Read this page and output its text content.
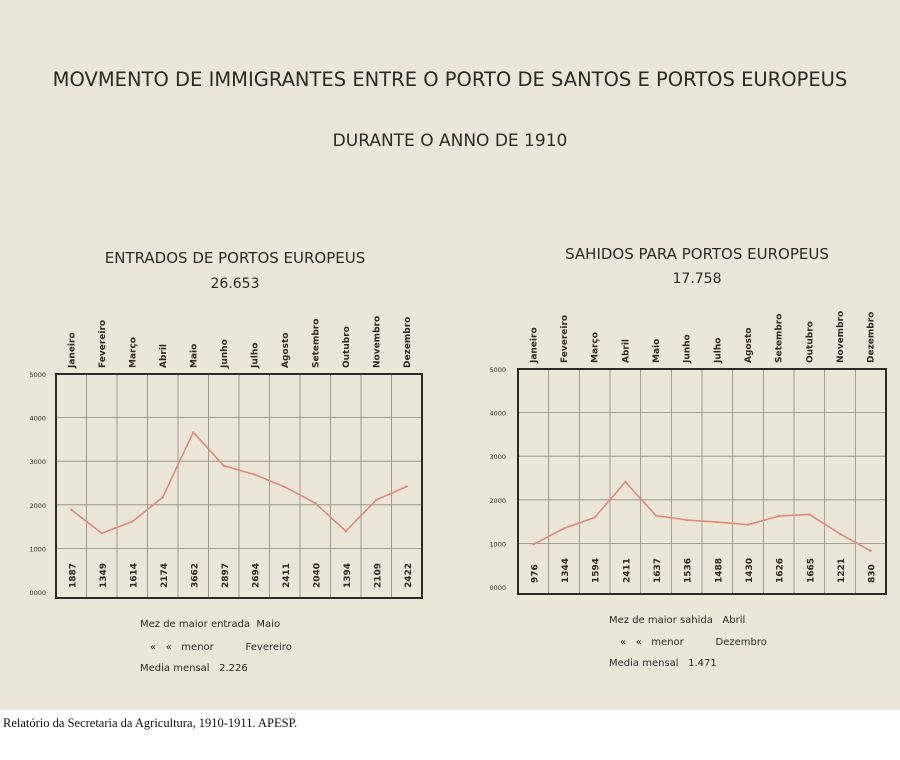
MOVMENTO DE IMMIGRANTES ENTRE O PORTO DE SANTOS E PORTOS EUROPEUS
DURANTE O ANNO DE 1910
ENTRADOS DE PORTOS EUROPEUS
26.653
SAHIDOS PARA PORTOS EUROPEUS
17.758
0000
1000
2000
3000
4000
5000
Janeiro Fevereiro Março Abril Maio Junho Julho Agosto Setembro Outubro Novembro Dezembro
1887 1349 1614 2174 3662 2897 2694 2411 2040 1394 2109 2422	0000
1000
2000
3000
4000
5000
Janeiro Fevereiro Março Abril Maio Junho Julho Agosto Setembro Outubro Novembro Dezembro
976 1344 1594 2411 1637 1536 1488 1430 1626 1665 1221 830
Mez de maior entrada  Maio
«   «   menor          Fevereiro
Media mensal   2.226
Mez de maior sahida   Abril
«   «   menor          Dezembro
Media mensal   1.471
Relatório da Secretaria da Agricultura, 1910-1911. APESP.
